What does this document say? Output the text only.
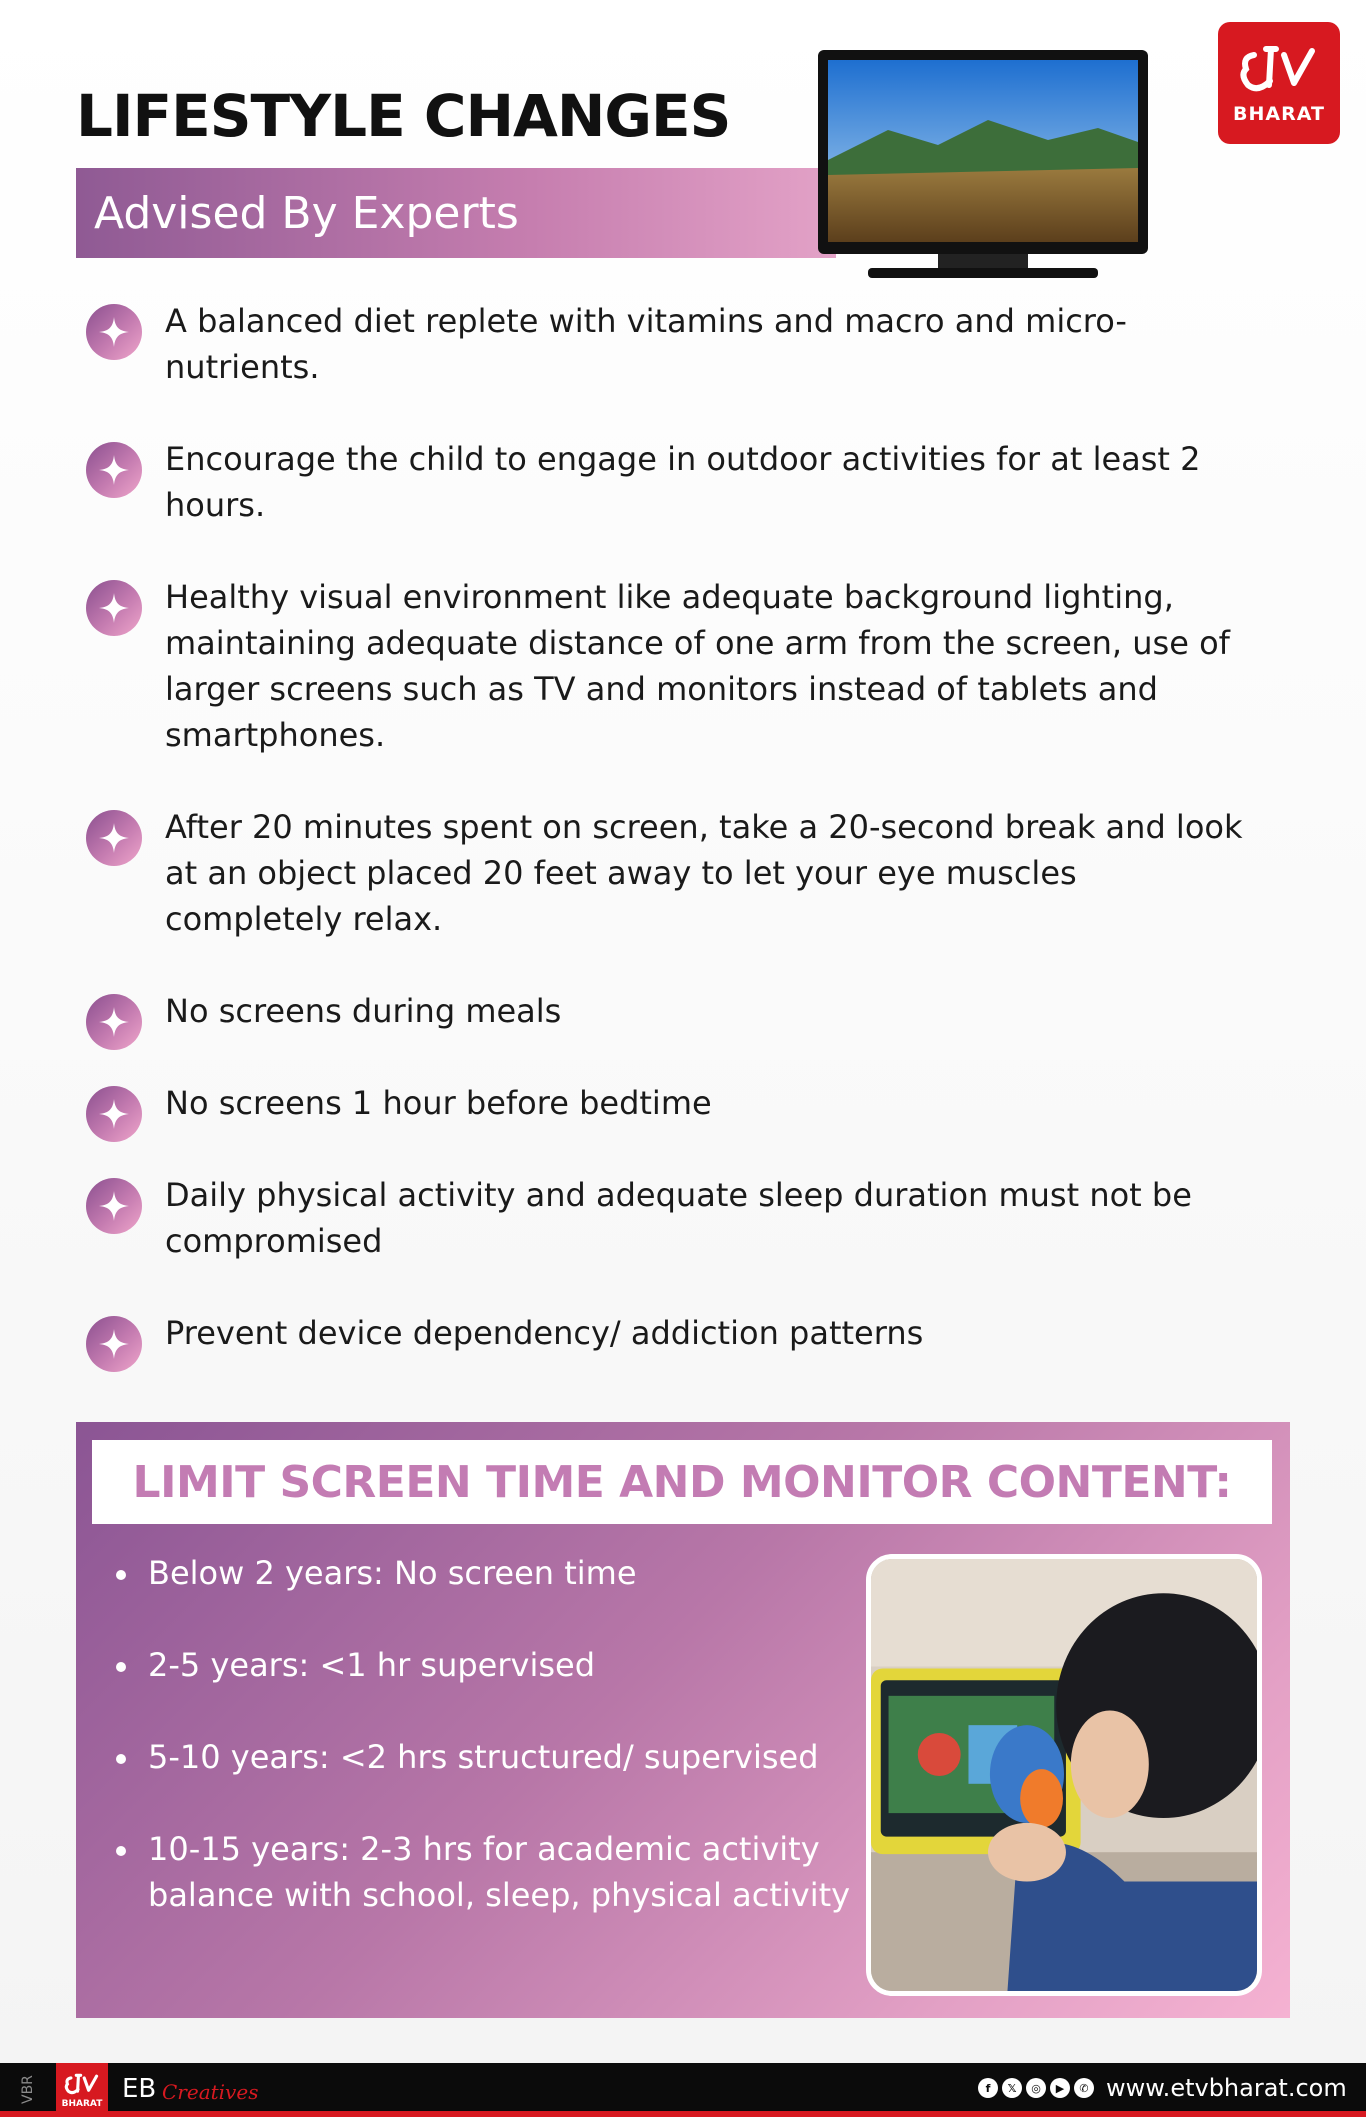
LIFESTYLE CHANGES
Advised By Experts
BHARAT
A balanced diet replete with vitamins and macro and micro-nutrients.
Encourage the child to engage in outdoor activities for at least 2 hours.
Healthy visual environment like adequate background lighting, maintaining adequate distance of one arm from the screen, use of larger screens such as TV and monitors instead of tablets and smartphones.
After 20 minutes spent on screen, take a 20-second break and look at an object placed 20 feet away to let your eye muscles completely relax.
No screens during meals
No screens 1 hour before bedtime
Daily physical activity and adequate sleep duration must not be compromised
Prevent device dependency/ addiction patterns
LIMIT SCREEN TIME AND MONITOR CONTENT:
Below 2 years: No screen time
2-5 years: <1 hr supervised
5-10 years: <2 hrs structured/ supervised
10-15 years: 2-3 hrs for academic activity balance with school, sleep, physical activity
VBR	BHARAT EB Creatives	f	𝕏	◎	▶	✆ www.etvbharat.com
